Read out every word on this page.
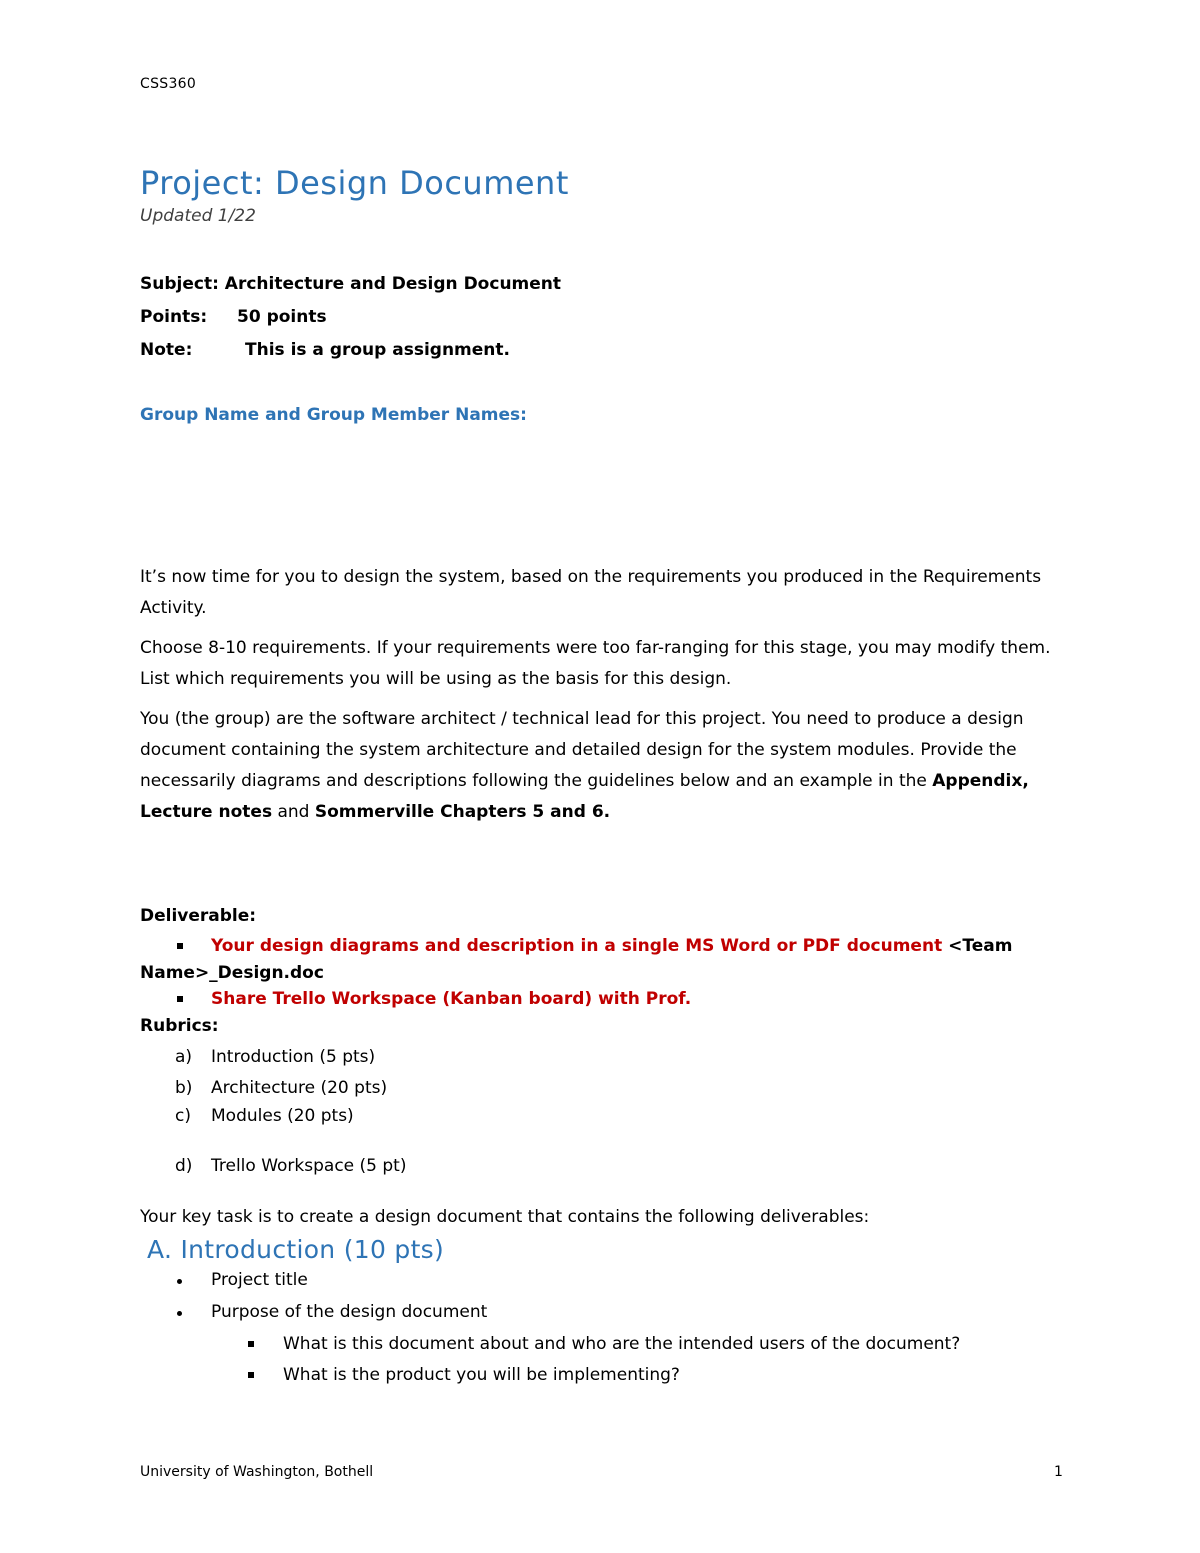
CSS360
Project: Design Document
Updated 1/22
Subject: Architecture and Design Document
Points: 50 points
Note:	This is a group assignment.
Group Name and Group Member Names:
It’s now time for you to design the system, based on the requirements you produced in the Requirements Activity.
Choose 8-10 requirements. If your requirements were too far-ranging for this stage, you may modify them. List which requirements you will be using as the basis for this design.
You (the group) are the software architect / technical lead for this project. You need to produce a design document containing the system architecture and detailed design for the system modules. Provide the necessarily diagrams and descriptions following the guidelines below and an example in the Appendix, Lecture notes and Sommerville Chapters 5 and 6.
Deliverable:
Your design diagrams and description in a single MS Word or PDF document <Team
Name>_Design.doc
Share Trello Workspace (Kanban board) with Prof.
Rubrics:
a) Introduction (5 pts)
b) Architecture (20 pts)
c) Modules (20 pts)
d) Trello Workspace (5 pt)
Your key task is to create a design document that contains the following deliverables:
A. Introduction (10 pts)
Project title
Purpose of the design document
What is this document about and who are the intended users of the document?
What is the product you will be implementing?
University of Washington, Bothell	1
